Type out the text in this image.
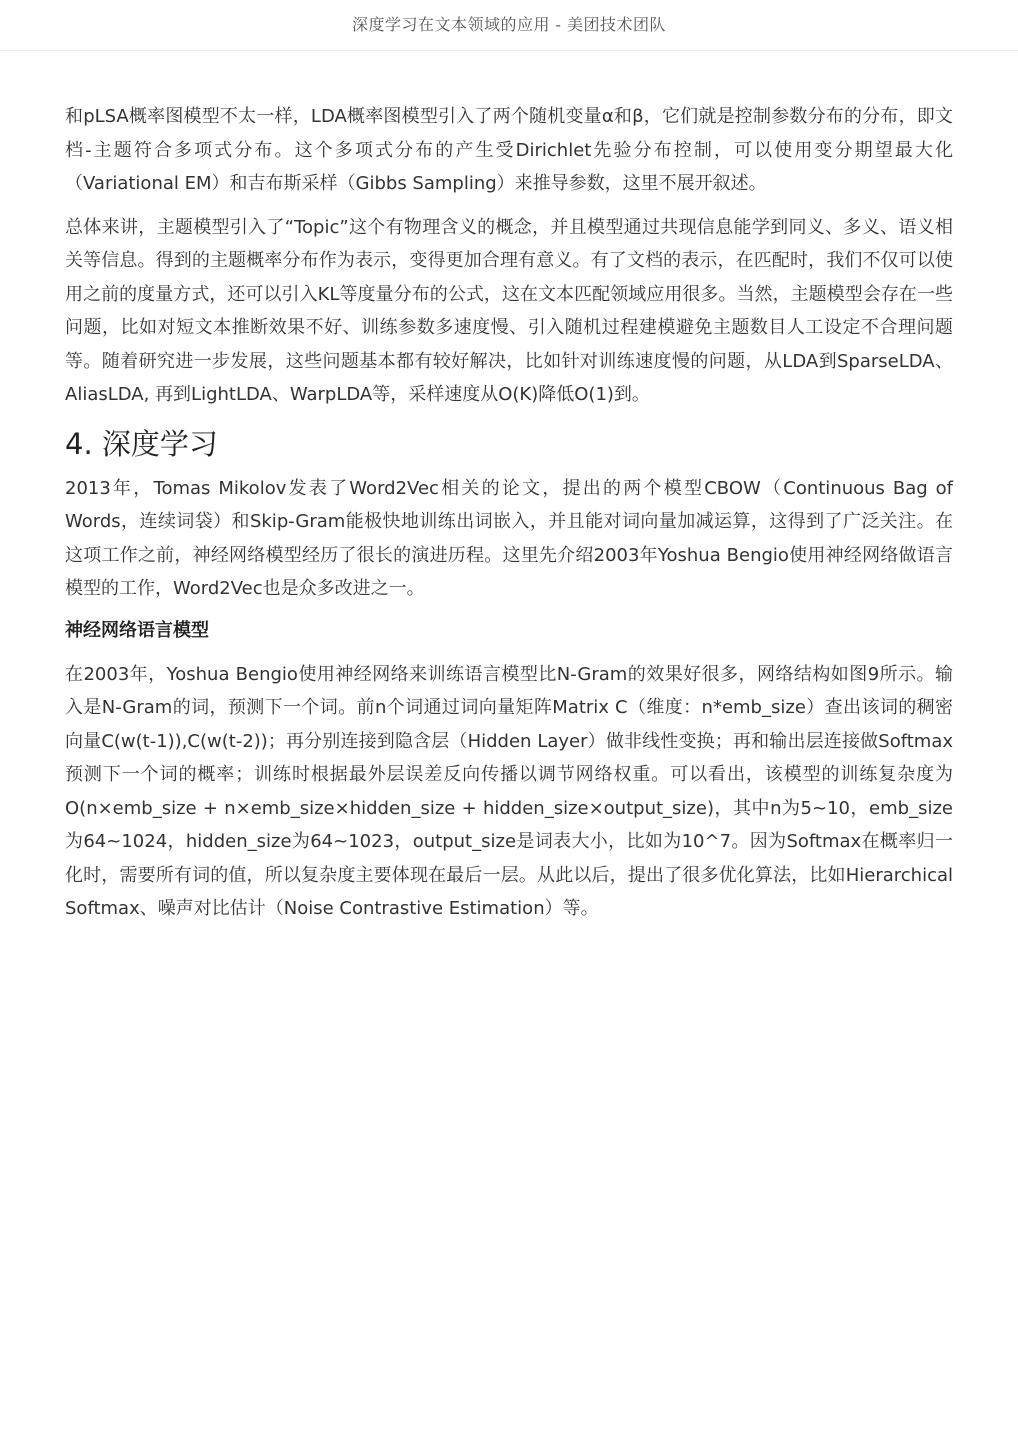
深度学习在文本领域的应用 - 美团技术团队

和pLSA概率图模型不太一样，LDA概率图模型引入了两个随机变量α和β，它们就是控制参数分布的分布，即文档-主题符合多项式分布。这个多项式分布的产生受Dirichlet先验分布控制，可以使用变分期望最大化（Variational EM）和吉布斯采样（Gibbs Sampling）来推导参数，这里不展开叙述。

总体来讲，主题模型引入了“Topic”这个有物理含义的概念，并且模型通过共现信息能学到同义、多义、语义相关等信息。得到的主题概率分布作为表示，变得更加合理有意义。有了文档的表示，在匹配时，我们不仅可以使用之前的度量方式，还可以引入KL等度量分布的公式，这在文本匹配领域应用很多。当然，主题模型会存在一些问题，比如对短文本推断效果不好、训练参数多速度慢、引入随机过程建模避免主题数目人工设定不合理问题等。随着研究进一步发展，这些问题基本都有较好解决，比如针对训练速度慢的问题，从LDA到SparseLDA、AliasLDA, 再到LightLDA、WarpLDA等，采样速度从O(K)降低O(1)到。

4. 深度学习

2013年，Tomas Mikolov发表了Word2Vec相关的论文，提出的两个模型CBOW（Continuous Bag of Words，连续词袋）和Skip-Gram能极快地训练出词嵌入，并且能对词向量加减运算，这得到了广泛关注。在这项工作之前，神经网络模型经历了很长的演进历程。这里先介绍2003年Yoshua Bengio使用神经网络做语言模型的工作，Word2Vec也是众多改进之一。

神经网络语言模型

在2003年，Yoshua Bengio使用神经网络来训练语言模型比N-Gram的效果好很多，网络结构如图9所示。输入是N-Gram的词，预测下一个词。前n个词通过词向量矩阵Matrix C（维度：n*emb_size）查出该词的稠密向量C(w(t-1)),C(w(t-2))；再分别连接到隐含层（Hidden Layer）做非线性变换；再和输出层连接做Softmax预测下一个词的概率；训练时根据最外层误差反向传播以调节网络权重。可以看出，该模型的训练复杂度为O(n×emb_size + n×emb_size×hidden_size + hidden_size×output_size)，其中n为5~10，emb_size为64~1024，hidden_size为64~1023，output_size是词表大小，比如为10^7。因为Softmax在概率归一化时，需要所有词的值，所以复杂度主要体现在最后一层。从此以后，提出了很多优化算法，比如Hierarchical Softmax、噪声对比估计（Noise Contrastive Estimation）等。
